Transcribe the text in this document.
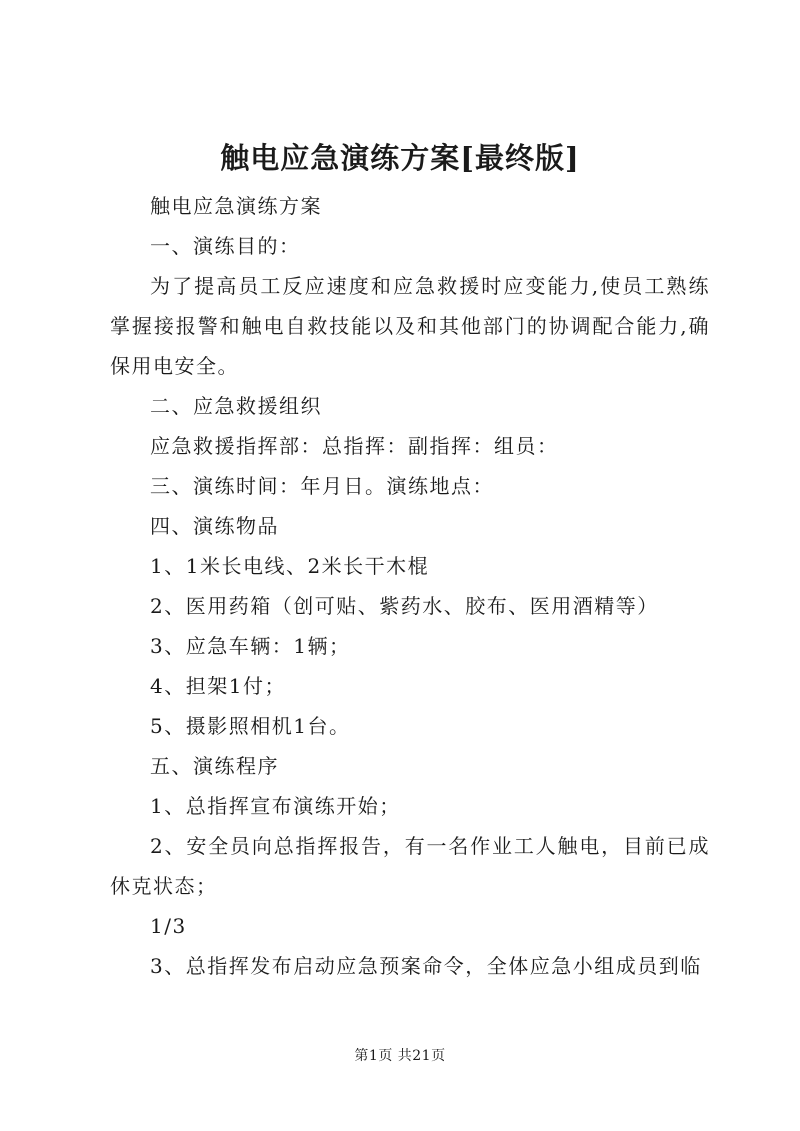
触电应急演练方案[最终版]

触电应急演练方案

一、演练目的：

为了提高员工反应速度和应急救援时应变能力,使员工熟练掌握接报警和触电自救技能以及和其他部门的协调配合能力,确保用电安全。

二、应急救援组织

应急救援指挥部：总指挥：副指挥：组员：

三、演练时间：年月日。演练地点：

四、演练物品

1、1米长电线、2米长干木棍

2、医用药箱（创可贴、紫药水、胶布、医用酒精等）

3、应急车辆：1辆；

4、担架1付；

5、摄影照相机1台。

五、演练程序

1、总指挥宣布演练开始；

2、安全员向总指挥报告，有一名作业工人触电，目前已成休克状态；

1/3

3、总指挥发布启动应急预案命令，全体应急小组成员到临

第1页 共21页
